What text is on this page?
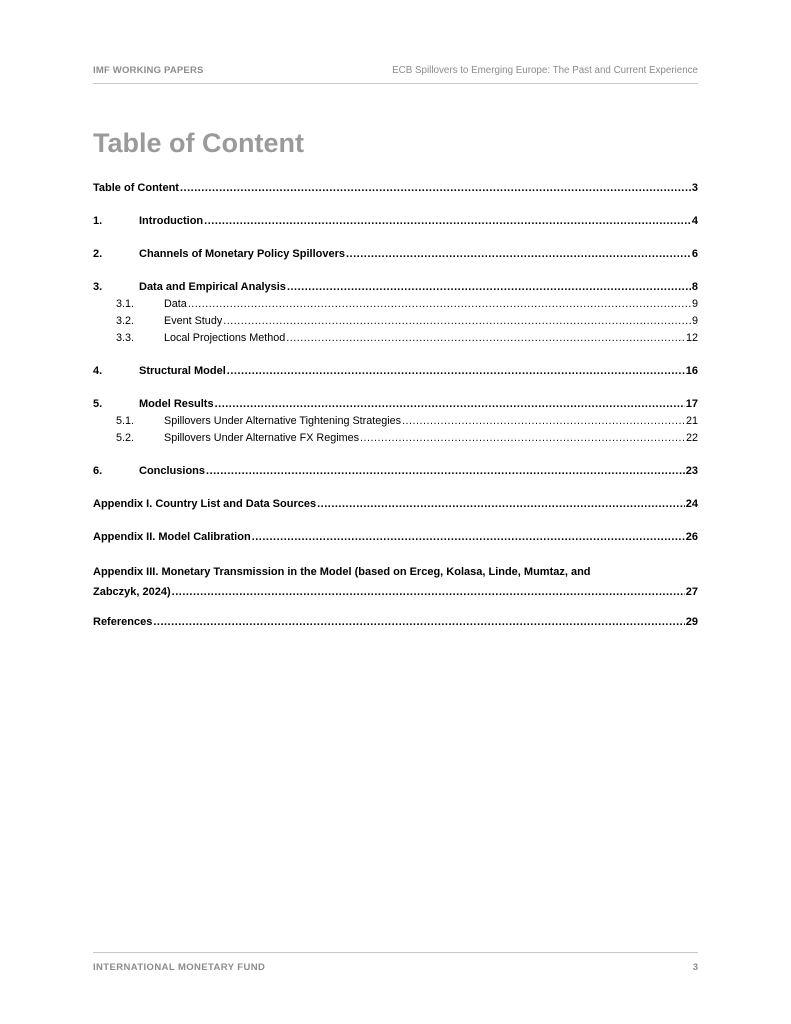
IMF WORKING PAPERS	ECB Spillovers to Emerging Europe: The Past and Current Experience
Table of Content
Table of Content .....	3
1.	Introduction .....	4
2.	Channels of Monetary Policy Spillovers .....	6
3.	Data and Empirical Analysis .....	8
3.1.	Data .....	9
3.2.	Event Study .....	9
3.3.	Local Projections Method .....	12
4.	Structural Model .....	16
5.	Model Results .....	17
5.1.	Spillovers Under Alternative Tightening Strategies .....	21
5.2.	Spillovers Under Alternative FX Regimes .....	22
6.	Conclusions .....	23
Appendix I. Country List and Data Sources .....	24
Appendix II. Model Calibration .....	26
Appendix III. Monetary Transmission in the Model (based on Erceg, Kolasa, Linde, Mumtaz, and
Zabczyk, 2024) .....	27
References .....	29
INTERNATIONAL MONETARY FUND	3
